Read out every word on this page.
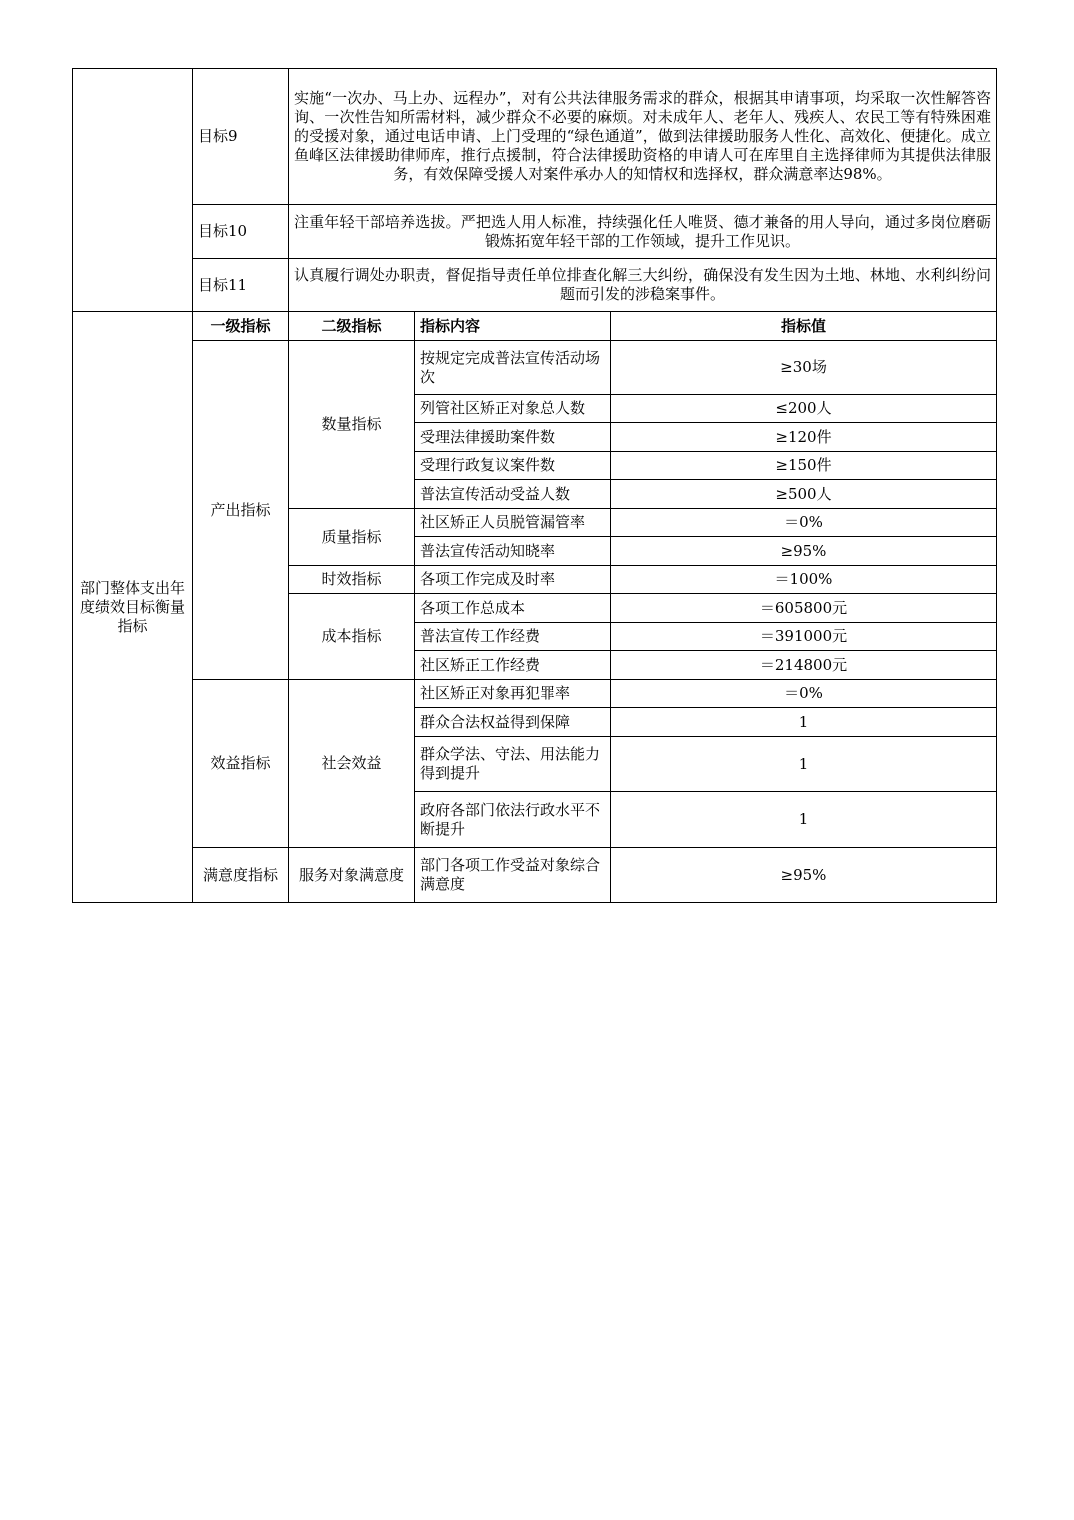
	目标9	实施“一次办、马上办、远程办”，对有公共法律服务需求的群众，根据其申请事项，均采取一次性解答咨询、一次性告知所需材料，减少群众不必要的麻烦。对未成年人、老年人、残疾人、农民工等有特殊困难的受援对象，通过电话申请、上门受理的“绿色通道”，做到法律援助服务人性化、高效化、便捷化。成立鱼峰区法律援助律师库，推行点援制，符合法律援助资格的申请人可在库里自主选择律师为其提供法律服务，有效保障受援人对案件承办人的知情权和选择权，群众满意率达98%。		
	目标10	注重年轻干部培养选拔。严把选人用人标准，持续强化任人唯贤、德才兼备的用人导向，通过多岗位磨砺锻炼拓宽年轻干部的工作领域，提升工作见识。		
	目标11	认真履行调处办职责，督促指导责任单位排查化解三大纠纷，确保没有发生因为土地、林地、水利纠纷问题而引发的涉稳案事件。		
部门整体支出年度绩效目标衡量指标	一级指标	二级指标	指标内容	指标值
	产出指标	数量指标	按规定完成普法宣传活动场次	≥30场
			列管社区矫正对象总人数	≤200人
			受理法律援助案件数	≥120件
			受理行政复议案件数	≥150件
			普法宣传活动受益人数	≥500人
		质量指标	社区矫正人员脱管漏管率	＝0%
			普法宣传活动知晓率	≥95%
		时效指标	各项工作完成及时率	＝100%
		成本指标	各项工作总成本	＝605800元
			普法宣传工作经费	＝391000元
			社区矫正工作经费	＝214800元
	效益指标	社会效益	社区矫正对象再犯罪率	＝0%
			群众合法权益得到保障	1
			群众学法、守法、用法能力得到提升	1
			政府各部门依法行政水平不断提升	1
	满意度指标	服务对象满意度	部门各项工作受益对象综合满意度	≥95%
